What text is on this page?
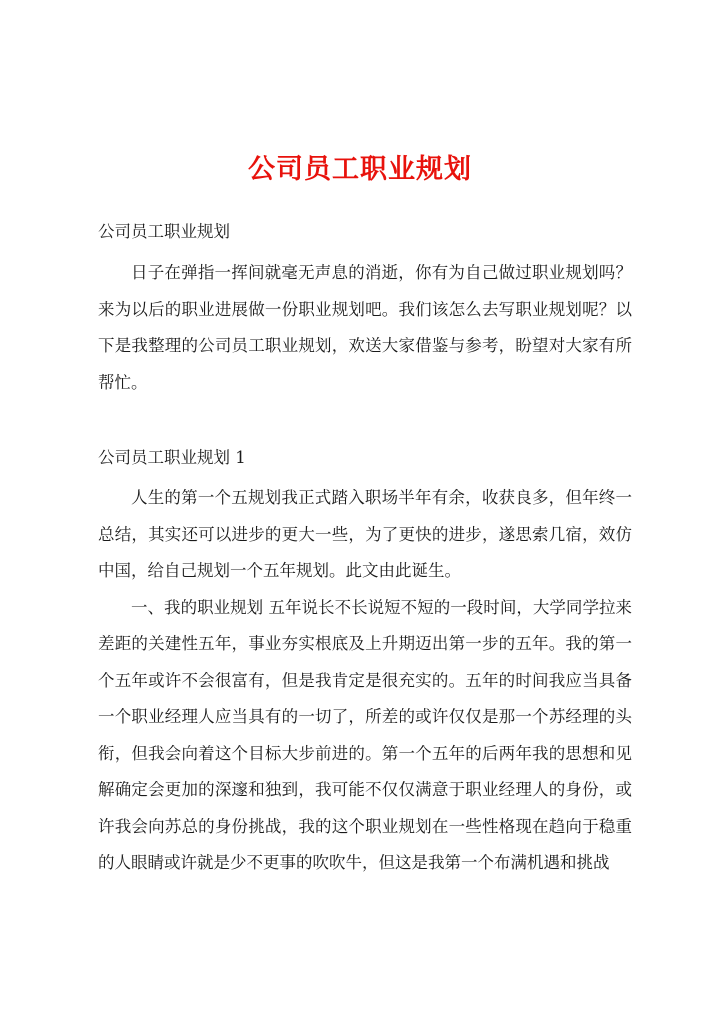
公司员工职业规划
公司员工职业规划
日子在弹指一挥间就毫无声息的消逝，你有为自己做过职业规划吗？来为以后的职业进展做一份职业规划吧。我们该怎么去写职业规划呢？以下是我整理的公司员工职业规划，欢送大家借鉴与参考，盼望对大家有所帮忙。
公司员工职业规划 1
人生的第一个五规划我正式踏入职场半年有余，收获良多，但年终一总结，其实还可以进步的更大一些，为了更快的进步，遂思索几宿，效仿中国，给自己规划一个五年规划。此文由此诞生。
一、我的职业规划 五年说长不长说短不短的一段时间，大学同学拉来差距的关建性五年，事业夯实根底及上升期迈出第一步的五年。我的第一个五年或许不会很富有，但是我肯定是很充实的。五年的时间我应当具备一个职业经理人应当具有的一切了，所差的或许仅仅是那一个苏经理的头衔，但我会向着这个目标大步前进的。第一个五年的后两年我的思想和见解确定会更加的深邃和独到，我可能不仅仅满意于职业经理人的身份，或许我会向苏总的身份挑战，我的这个职业规划在一些性格现在趋向于稳重的人眼睛或许就是少不更事的吹吹牛，但这是我第一个布满机遇和挑战
